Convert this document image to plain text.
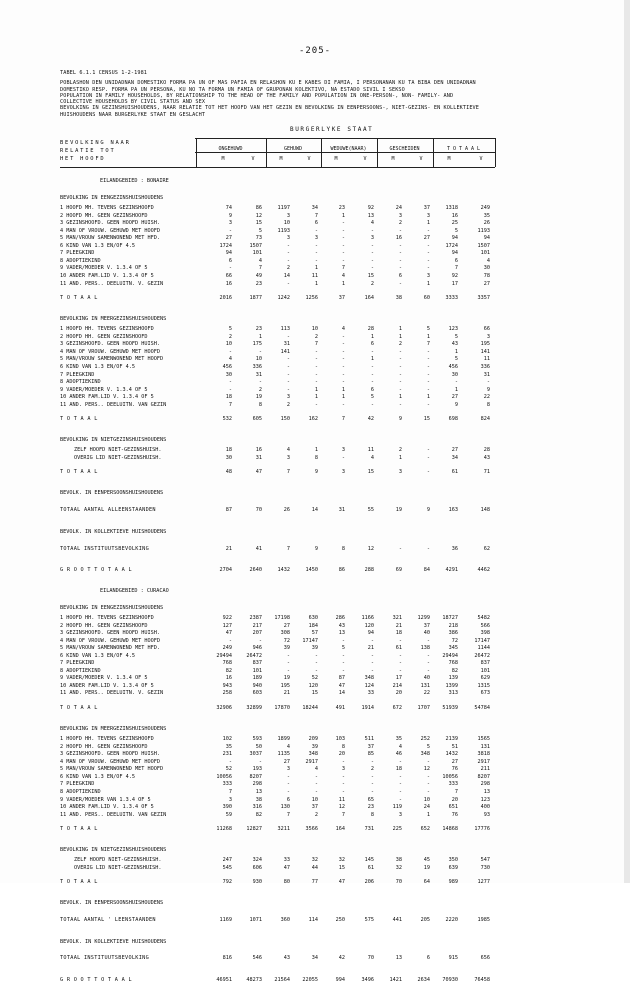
-205-
TABEL 6.1.1 CENSUS 1-2-1981
POBLASHON DEN UNIDADNAN DOMESTIKO FORMA PA UN OF MAS PAFIA EN RELASHON KU E KABES DI FAMIA, I PERSONANAN KU TA BIBA DEN UNIDADNAN
DOMESTIKO RESP. FORMA PA UN PERSONA, KU NO TA FORMA UN FAMIA OF GRUPONAN KOLEKTIVO, NA ESTADO SIVIL I SEKSO
POPULATION IN FAMILY HOUSEHOLDS, BY RELATIONSHIP TO THE HEAD OF THE FAMILY AND POPULATION IN ONE-PERSON-, NON- FAMILY- AND
COLLECTIVE HOUSEHOLDS BY CIVIL STATUS AND SEX
BEVOLKING IN GEZINSHUISHOUDENS, NAAR RELATIE TOT HET HOOFD VAN HET GEZIN EN BEVOLKING IN EENPERSOONS-, NIET-GEZINS- EN KOLLEKTIEVE
HUISHOUDENS NAAR BURGERLYKE STAAT EN GESLACHT
BURGERLYKE STAAT
BEVOLKING NAAR
RELATIE TOT
HET HOOFD
ONGEHUWD	GEHUWD	WEDUWE(NAAR)	GESCHEIDEN	T O T A A L
M	V	M	V	M	V	M	V	M	V
EILANDGEBIED : BONAIRE
BEVOLKING IN EENGEZINSHUISHOUDENS
1 HOOFD MH. TEVENS GEZINSHOOFD	74	86	1197	34	23	92	24	37	1318	249
2 HOOFD MH. GEEN GEZINSHOOFD	9	12	3	7	1	13	3	3	16	35
3 GEZINSHOOFD. GEEN HOOFD HUISH.	3	15	10	6	-	4	2	1	25	26
4 MAN OF VROUW. GEHUWD MET HOOFD	-	5	1193	-	-	-	-	-	5	1193
5 MAN/VROUW SAMENWONEND MET HFD.	27	73	3	3	-	3	16	27	94	94
6 KIND VAN 1.3 EN/OF 4.5	1724	1507	-	-	-	-	-	-	1724	1507
7 PLEEGKIND	94	101	-	-	-	-	-	-	94	101
8 ADOPTIEKIND	6	4	-	-	-	-	-	-	6	4
9 VADER/MOEDER V. 1.3.4 OF 5	-	7	2	1	7	-	-	-	7	30
10 ANDER FAM.LID V. 1.3.4 OF 5	66	49	14	11	4	15	6	3	92	78
11 AND. PERS.. DEELUITN. V. GEZIN	16	23	-	1	1	2	-	1	17	27
T O T A A L	2016	1877	1242	1256	37	164	38	60	3333	3357
BEVOLKING IN MEERGEZINSHUISHOUDENS
1 HOOFD HH. TEVENS GEZINSHOOFD	5	23	113	10	4	28	1	5	123	66
2 HOOFD HH. GEEN GEZINSHOOFD	2	1	-	2	-	1	1	1	5	3
3 GEZINSHOOFD. GEEN HOOFD HUISH.	10	175	31	7	-	6	2	7	43	195
4 MAN OF VROUW. GEHUWD MET HOOFD	-	-	141	-	-	-	-	-	1	141
5 MAN/VROUW SAMENWONEND MET HOOFD	4	10	-	-	-	1	-	-	5	11
6 KIND VAN 1.3 EN/OF 4.5	456	336	-	-	-	-	-	-	456	336
7 PLEEGKIND	30	31	-	-	-	-	-	-	30	31
8 ADOPTIEKIND	-	-	-	-	-	-	-	-	-	-
9 VADER/MOEDER V. 1.3.4 OF 5	-	2	-	1	1	6	-	-	1	9
10 ANDER FAM.LID V. 1.3.4 OF 5	18	19	3	1	1	5	1	1	27	22
11 AND. PERS.. DEELUITN. VAN GEZIN	7	8	2	-	-	-	-	-	9	8
T O T A A L	532	605	150	162	7	42	9	15	698	824
BEVOLKING IN NIETGEZINSHUISHOUDENS
ZELF HOOFD NIET-GEZINSHUISH.	18	16	4	1	3	11	2	-	27	28
OVERIG LID NIET-GEZINSHUISH.	30	31	3	8	-	4	1	-	34	43
T O T A A L	48	47	7	9	3	15	3	-	61	71
BEVOLK. IN EENPERSOONSHUISHOUDENS
TOTAAL AANTAL ALLEENSTAANDEN	87	70	26	14	31	55	19	9	163	148
BEVOLK. IN KOLLEKTIEVE HUISHOUDENS
TOTAAL INSTITUUTSBEVOLKING	21	41	7	9	8	12	-	-	36	62
G R O O T T O T A A L	2704	2640	1432	1450	86	288	69	84	4291	4462
EILANDGEBIED : CURACAO
BEVOLKING IN EENGEZINSHUISHOUDENS
1 HOOFD HH. TEVENS GEZINSHOOFD	922	2387	17198	630	286	1166	321	1299	18727	5482
2 HOOFD HH. GEEN GEZINSHOOFD	127	217	27	184	43	120	21	37	218	566
3 GEZINSHOOFD. GEEN HOOFD HUISH.	47	207	308	57	13	94	18	40	386	398
4 MAN OF VROUW. GEHUWD MET HOOFD	-	-	72	17147	-	-	-	-	72	17147
5 MAN/VROUW SAMENWONEND MET HFD.	249	946	39	39	5	21	61	138	345	1144
6 KIND VAN 1.3 EN/OF 4.5	29494	26472	-	-	-	-	-	-	29494	26472
7 PLEEGKIND	768	837	-	-	-	-	-	-	768	837
8 ADOPTIEKIND	82	101	-	-	-	-	-	-	82	101
9 VADER/MOEDER V. 1.3.4 OF 5	16	189	19	52	87	348	17	40	139	629
10 ANDER FAM.LID V. 1.3.4 OF 5	943	940	195	120	47	124	214	131	1399	1315
11 AND. PERS.. DEELUITN. V. GEZIN	258	603	21	15	14	33	20	22	313	673
T O T A A L	32906	32899	17870	18244	491	1914	672	1707	51939	54784
BEVOLKING IN MEERGEZINSHUISHOUDENS
1 HOOFD HH. TEVENS GEZINSHOOFD	102	593	1899	209	103	511	35	252	2139	1565
2 HOOFD HH. GEEN GEZINSHOOFD	35	50	4	39	8	37	4	5	51	131
3 GEZINSHOOFD. GEEN HOOFD HUISH.	231	3037	1135	348	20	85	46	348	1432	3818
4 MAN OF VROUW. GEHUWD MET HOOFD	-	-	27	2917	-	-	-	-	27	2917
5 MAN/VROUW SAMENWONEND MET HOOFD	52	193	3	4	3	2	18	12	76	211
6 KIND VAN 1.3 EN/OF 4.5	10056	8207	-	-	-	-	-	-	10056	8207
7 PLEEGKIND	333	298	-	-	-	-	-	-	333	298
8 ADOPTIEKIND	7	13	-	-	-	-	-	-	7	13
9 VADER/MOEDER VAN 1.3.4 OF 5	3	38	6	10	11	65	-	10	20	123
10 ANDER FAM.LID V. 1.3.4 OF 5	390	316	130	37	12	23	119	24	651	400
11 AND. PERS.. DEELUITN. VAN GEZIN	59	82	7	2	7	8	3	1	76	93
T O T A A L	11268	12827	3211	3566	164	731	225	652	14868	17776
BEVOLKING IN NIETGEZINSHUISHOUDENS
ZELF HOOFD NIET-GEZINSHUISH.	247	324	33	32	32	145	38	45	350	547
OVERIG LID NIET-GEZINSHUISH.	545	606	47	44	15	61	32	19	639	730
T O T A A L	792	930	80	77	47	206	70	64	989	1277
BEVOLK. IN EENPERSOONSHUISHOUDENS
TOTAAL AANTAL ' LEENSTAANDEN	1169	1071	360	114	250	575	441	205	2220	1985
BEVOLK. IN KOLLEKTIEVE HUISHOUDENS
TOTAAL INSTITUUTSBEVOLKING	816	546	43	34	42	70	13	6	915	656
G R O O T T O T A A L	46951	48273	21564	22055	994	3496	1421	2634	70930	76458
